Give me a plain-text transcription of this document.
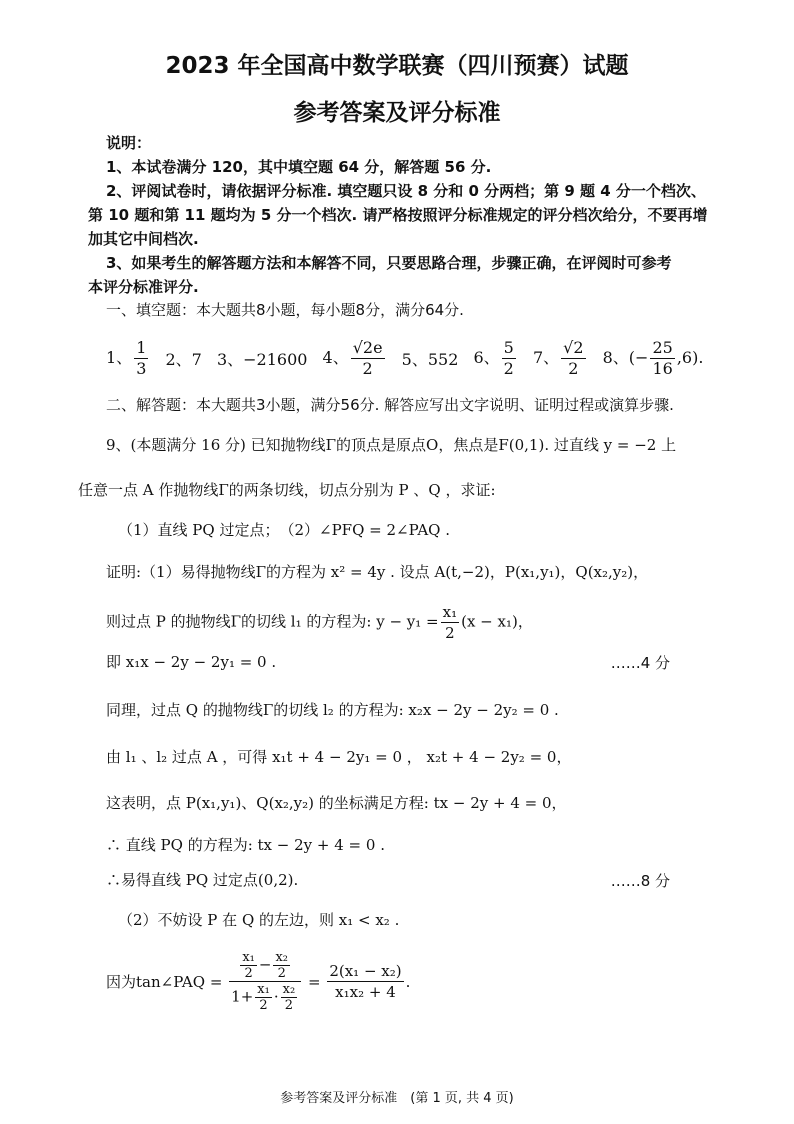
2023 年全国高中数学联赛（四川预赛）试题
参考答案及评分标准
说明：
1、本试卷满分 120，其中填空题 64 分，解答题 56 分.
2、评阅试卷时，请依据评分标准. 填空题只设 8 分和 0 分两档；第 9 题 4 分一个档次、
第 10 题和第 11 题均为 5 分一个档次. 请严格按照评分标准规定的评分档次给分，不要再增
加其它中间档次.
3、如果考生的解答题方法和本解答不同，只要思路合理，步骤正确，在评阅时可参考
本评分标准评分.
一、填空题：本大题共8小题，每小题8分，满分64分.
1、 $\frac{1}{3} 2$、7 3、−21600 4、 $\frac{√2e}{2} 5$、552 6、 $\frac{5}{2} 7$、 $\frac{√2}{2} 8$、(− $\frac{25}{16} ,6$).
二、解答题：本大题共3小题，满分56分. 解答应写出文字说明、证明过程或演算步骤.
9、(本题满分 16 分) 已知抛物线Γ的顶点是原点O，焦点是F(0,1). 过直线 y = −2 上
任意一点 A 作抛物线Γ的两条切线，切点分别为 P 、Q ，求证:
（1）直线 PQ 过定点；　（2）∠PFQ = 2∠PAQ .
证明:（1）易得抛物线Γ的方程为 x² = 4y . 设点 A(t,−2)，P(x₁,y₁)，Q(x₂,y₂)，
则过点 P 的抛物线Γ的切线 l₁ 的方程为: $y - y_1 = \frac{\text{x₁}}{2} (x - x_1)$，
即 x₁x − 2y − 2y₁ = 0 .	……4 分
同理，过点 Q 的抛物线Γ的切线 l₂ 的方程为: x₂x − 2y − 2y₂ = 0 .
由 l₁ 、l₂ 过点 A ，可得 x₁t + 4 − 2y₁ = 0 ， x₂t + 4 − 2y₂ = 0，
这表明，点 P(x₁,y₁)、Q(x₂,y₂) 的坐标满足方程: tx − 2y + 4 = 0，
∴ 直线 PQ 的方程为: tx − 2y + 4 = 0 .
∴易得直线 PQ 过定点(0,2).	……8 分
（2）不妨设 P 在 Q 的左边，则 x₁ < x₂ .
因为tan∠PAQ = $\frac{\frac{\text{x₁}}{2} - \frac{\text{x₂}}{2}}{1+ \frac{\text{x₁}}{2} \cdot \frac{\text{x₂}}{2}} = \frac{\text{2(x₁ − x₂)}}{\text{x₁x₂ + 4}}$ .
参考答案及评分标准　(第 1 页, 共 4 页)
